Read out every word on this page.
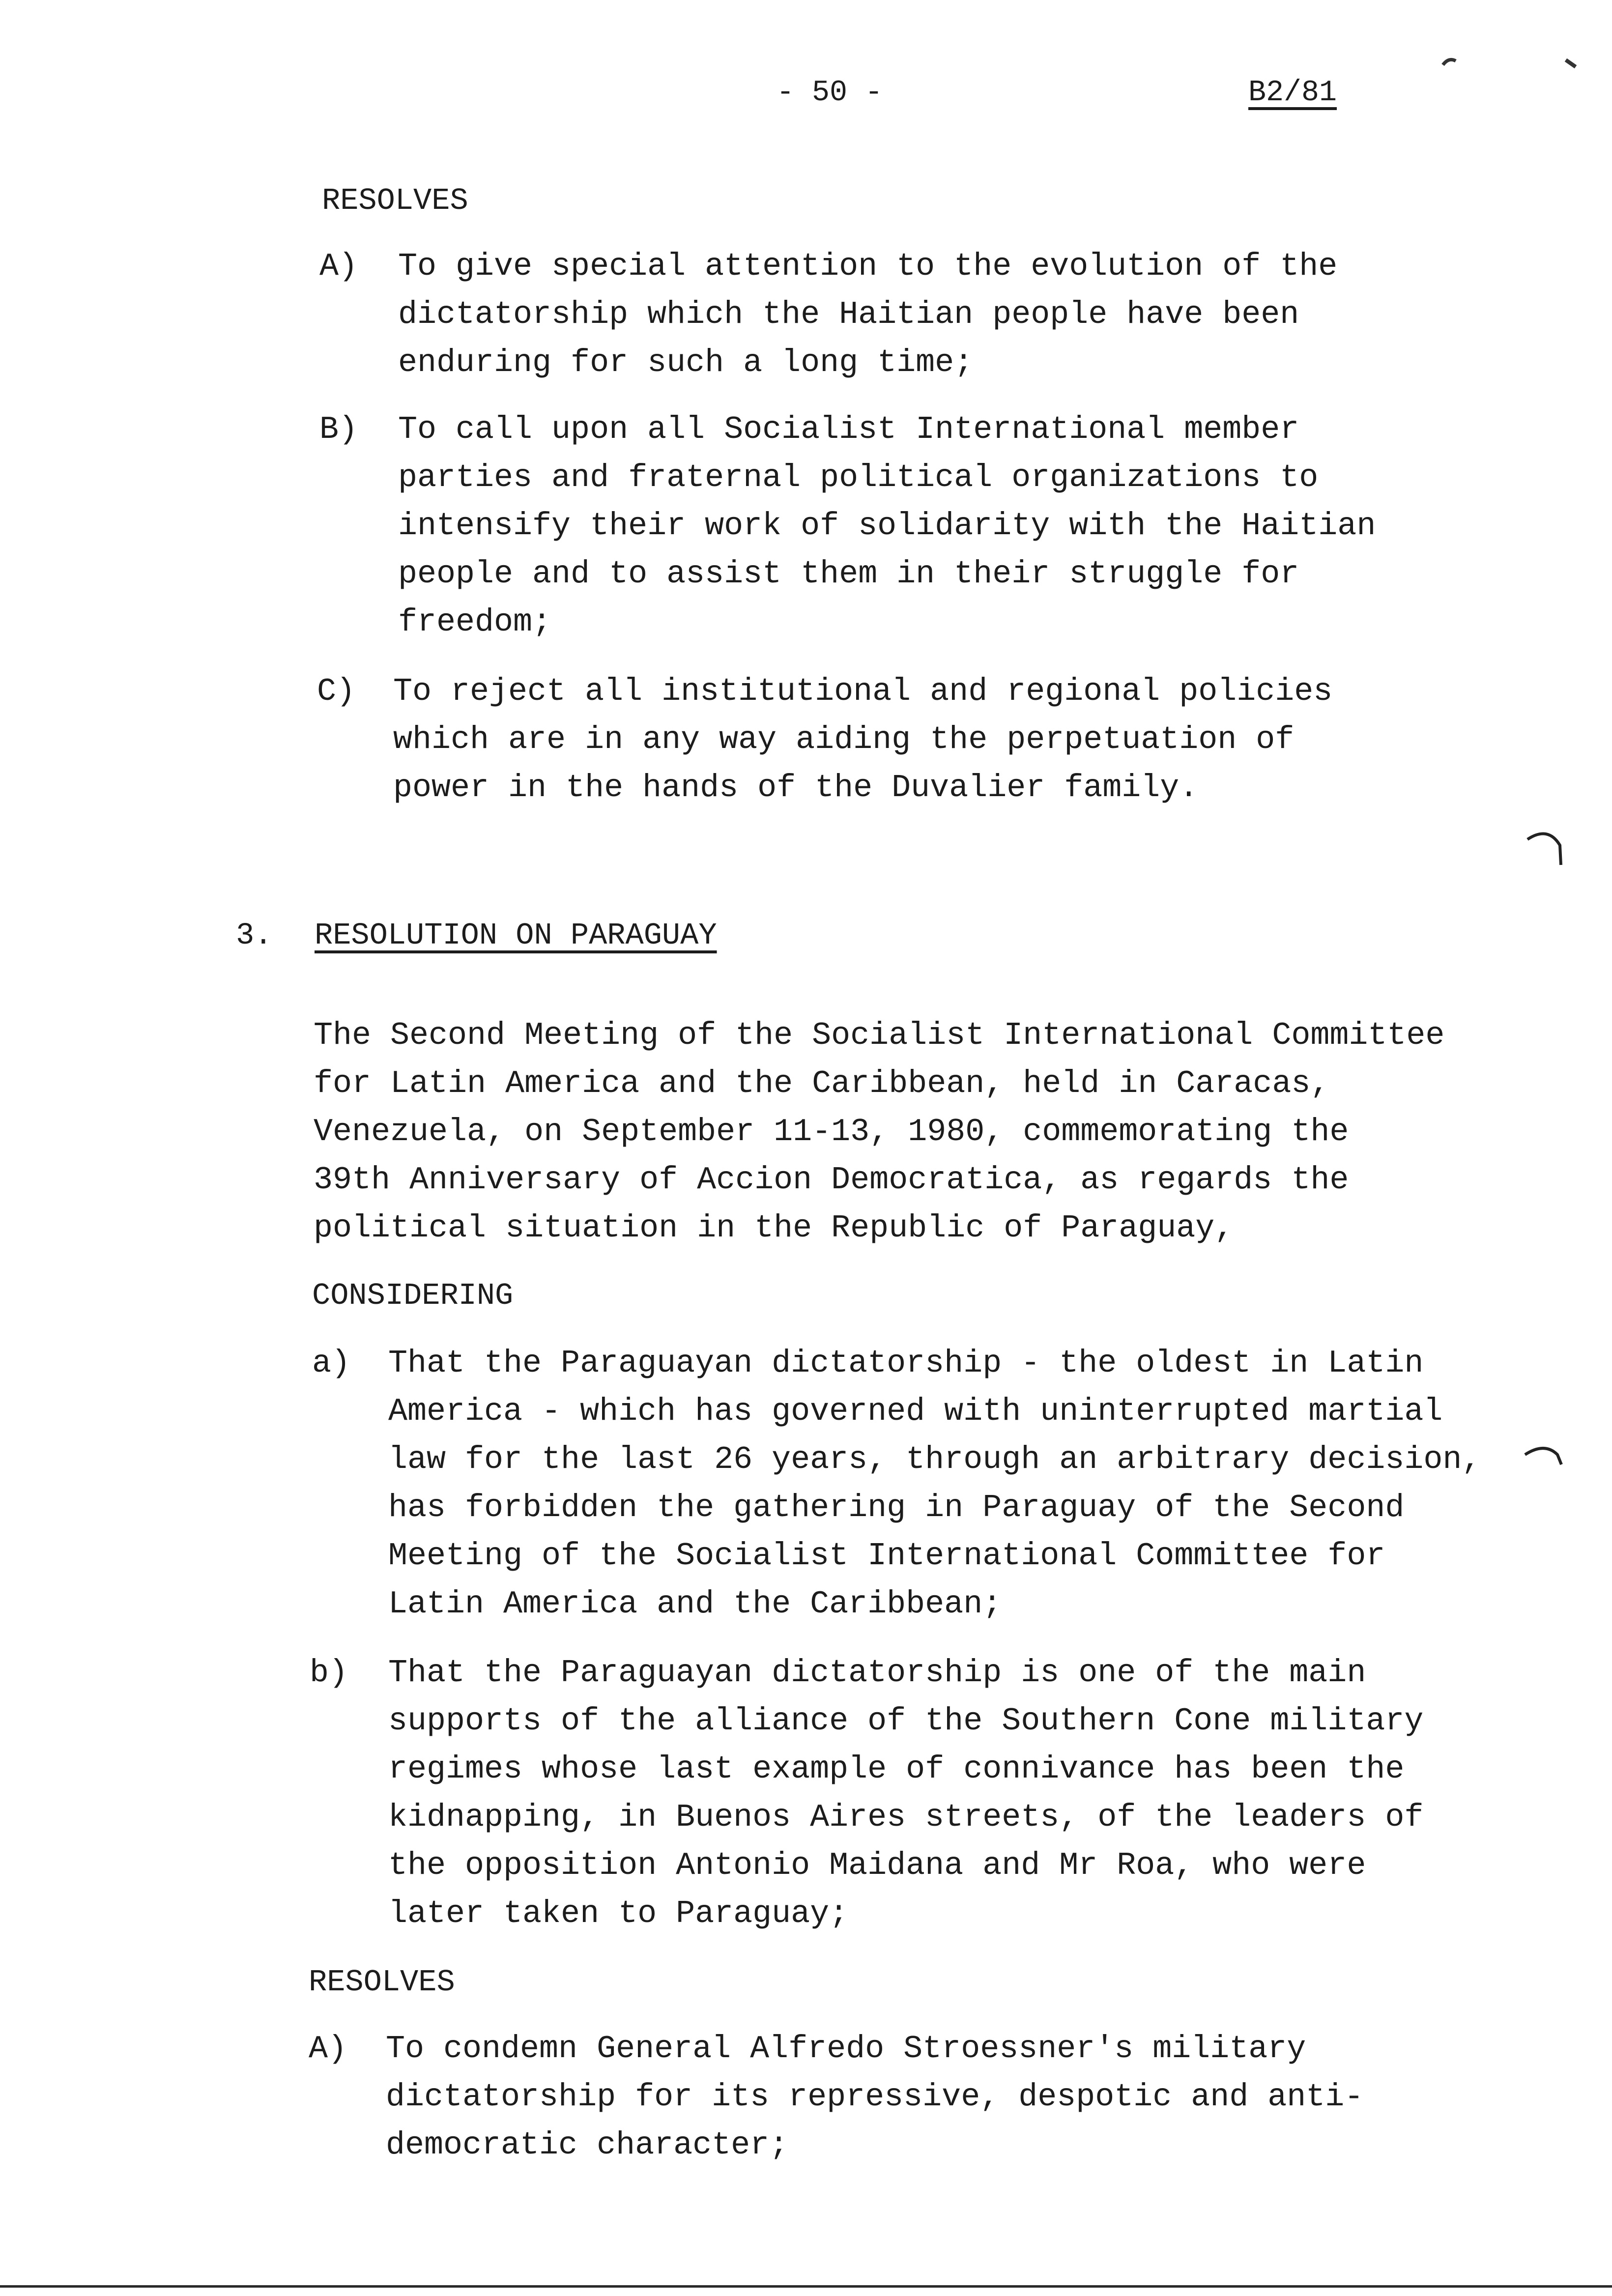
- 50 -	B2/81
RESOLVES
A) To give special attention to the evolution of the
dictatorship which the Haitian people have been
enduring for such a long time;
B) To call upon all Socialist International member
parties and fraternal political organizations to
intensify their work of solidarity with the Haitian
people and to assist them in their struggle for
freedom;
C) To reject all institutional and regional policies
which are in any way aiding the perpetuation of
power in the hands of the Duvalier family.
3. RESOLUTION ON PARAGUAY
The Second Meeting of the Socialist International Committee
for Latin America and the Caribbean, held in Caracas,
Venezuela, on September 11-13, 1980, commemorating the
39th Anniversary of Accion Democratica, as regards the
political situation in the Republic of Paraguay,
CONSIDERING
a) That the Paraguayan dictatorship - the oldest in Latin
America - which has governed with uninterrupted martial
law for the last 26 years, through an arbitrary decision,
has forbidden the gathering in Paraguay of the Second
Meeting of the Socialist International Committee for
Latin America and the Caribbean;
b) That the Paraguayan dictatorship is one of the main
supports of the alliance of the Southern Cone military
regimes whose last example of connivance has been the
kidnapping, in Buenos Aires streets, of the leaders of
the opposition Antonio Maidana and Mr Roa, who were
later taken to Paraguay;
RESOLVES
A) To condemn General Alfredo Stroessner's military
dictatorship for its repressive, despotic and anti-
democratic character;
